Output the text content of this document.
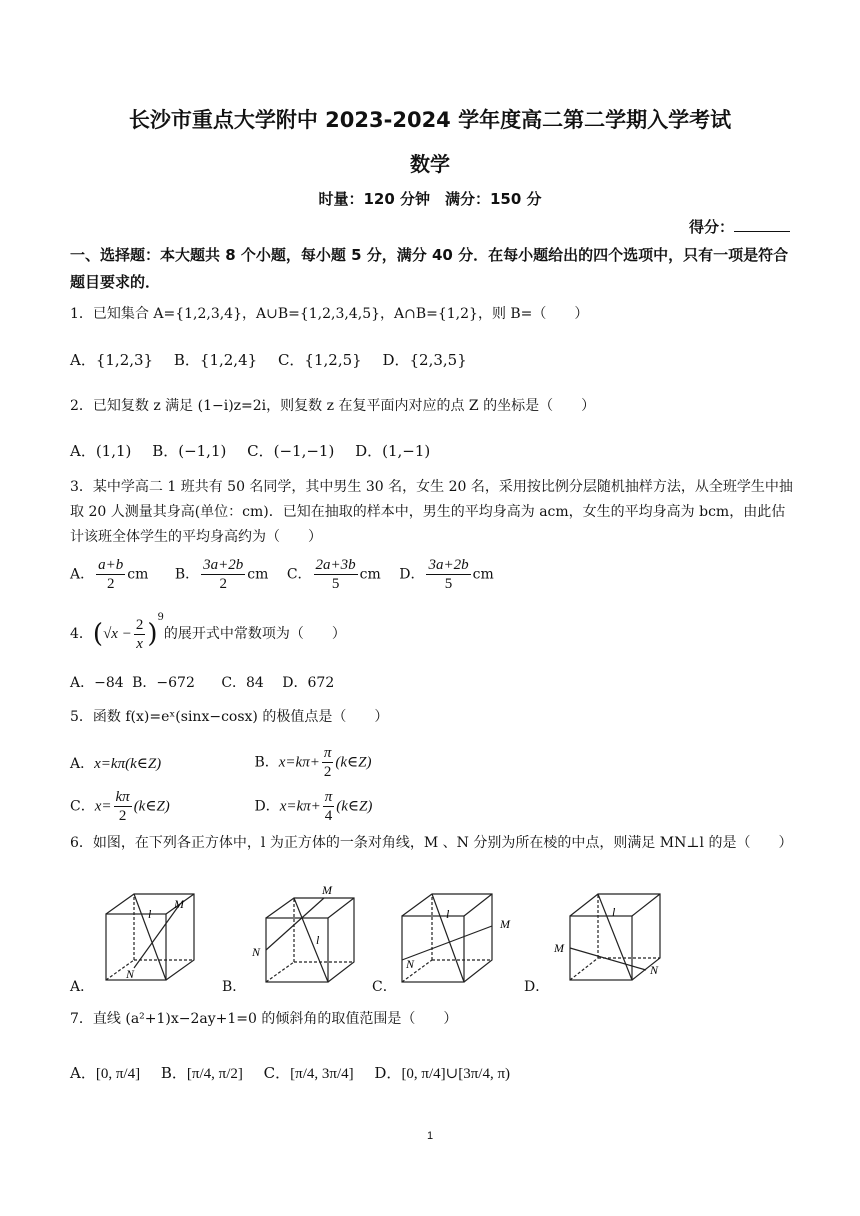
长沙市重点大学附中 2023-2024 学年度高二第二学期入学考试
数学
时量：120 分钟　满分：150 分
得分：
一、选择题：本大题共 8 个小题，每小题 5 分，满分 40 分．在每小题给出的四个选项中，只有一项是符合题目要求的．
1．已知集合 A={1,2,3,4}，A∪B={1,2,3,4,5}，A∩B={1,2}，则 B=（　　）
A．{1,2,3} B．{1,2,4} C．{1,2,5} D．{2,3,5}
2．已知复数 z 满足 (1−i)z=2i，则复数 z 在复平面内对应的点 Z 的坐标是（　　）
A．(1,1) B．(−1,1) C．(−1,−1) D．(1,−1)
3．某中学高二 1 班共有 50 名同学，其中男生 30 名，女生 20 名，采用按比例分层随机抽样方法，从全班学生中抽取 20 人测量其身高(单位：cm)．已知在抽取的样本中，男生的平均身高为 acm，女生的平均身高为 bcm，由此估计该班全体学生的平均身高约为（　　）
A． $\frac{a+b}{2}$ cm B． $\frac{3a+2b}{2}$ cm C． $\frac{2a+3b}{5}$ cm D． $\frac{3a+2b}{5}$ cm
4．$(√x - \frac{2}{x} )^9$的展开式中常数项为（　　）
A．−84 B．−672 C．84 D．672
5．函数 f(x)=eˣ(sinx−cosx) 的极值点是（　　）
A．x=kπ(k∈Z)	B．$x=k\pi+ \frac{\pi}{2}$ (k∈Z)
C．$x= \frac{k\pi}{2}$ (k∈Z)	D．$x=k\pi+ \frac{\pi}{4}$ (k∈Z)
6．如图，在下列各正方体中，l 为正方体的一条对角线，M 、N 分别为所在棱的中点，则满足 MN⊥l 的是（　　）
l
M
N
A．
M
l
N
B．
l
M
N
C．
l
M
N
D．
7．直线 (a²+1)x−2ay+1=0 的倾斜角的取值范围是（　　）
A．[0, π/4] B．[π/4, π/2] C．[π/4, 3π/4] D．[0, π/4]∪[3π/4, π)
1
